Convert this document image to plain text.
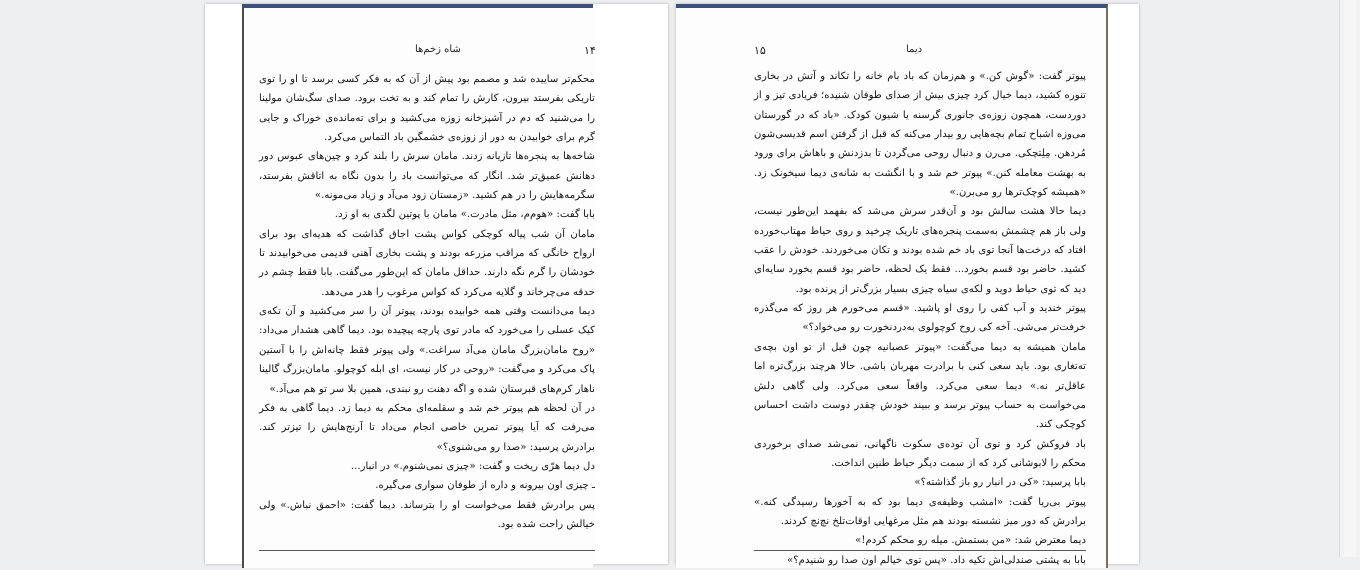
شاه زخم‌ها	۱۴

محکم‌تر ساییده شد و مصمم بود پیش از آن که به فکر کسی برسد تا او را توی تاریکی بفرستد بیرون، کارش را تمام کند و به تخت برود. صدای سگ‌شان مولینا را می‌شنید که دم در آشپزخانه زوزه می‌کشید و برای ته‌مانده‌ی خوراک و جایی گرم برای خوابیدن به دور از زوزه‌ی خشمگین باد التماس می‌کرد.

شاخه‌ها به پنجره‌ها تازیانه زدند. مامان سرش را بلند کرد و چین‌های عبوس دور دهانش عمیق‌تر شد. انگار که می‌توانست باد را بدون نگاه به اتاقش بفرستد، سگرمه‌هایش را در هم کشید. «زمستان زود می‌آد و زیاد می‌مونه.»

بابا گفت: «هوم‌م، مثل مادرت.» مامان با پوتین لگدی به او زد.

مامان آن شب پیاله کوچکی کواس پشت اجاق گذاشت که هدیه‌ای بود برای ارواح خانگی که مراقب مزرعه بودند و پشت بخاری آهنی قدیمی می‌خوابیدند تا خودشان را گرم نگه دارند. حداقل مامان که این‌طور می‌گفت. بابا فقط چشم در حدقه می‌چرخاند و گلایه می‌کرد که کواس مرغوب را هدر می‌دهد.

دیما می‌دانست وقتی همه خوابیده بودند، پیوتر آن را سر می‌کشید و آن تکه‌ی کیک عسلی را می‌خورد که مادر توی پارچه پیچیده بود. دیما گاهی هشدار می‌داد: «روح مامان‌بزرگ مامان می‌آد سراغت.» ولی پیوتر فقط چانه‌اش را با آستین پاک می‌کرد و می‌گفت: «روحی در کار نیست، ای ابله کوچولو. مامان‌بزرگ گالینا ناهار کرم‌های قبرستان شده و اگه دهنت رو نبندی، همین بلا سر تو هم می‌آد.»

در آن لحظه هم پیوتر خم شد و سقلمه‌ای محکم به دیما زد. دیما گاهی به فکر می‌رفت که آیا پیوتر تمرین خاصی انجام می‌داد تا آرنج‌هایش را تیزتر کند. برادرش پرسید: «صدا رو می‌شنوی؟»

دل دیما هرّی ریخت و گفت: «چیزی نمی‌شنوم.» در انبار...

ـ چیزی اون بیرونه و داره از طوفان سواری می‌گیره.

پس برادرش فقط می‌خواست او را بترساند. دیما گفت: «احمق نباش.» ولی خیالش راحت شده بود.

دیما
۱۵

پیوتر گفت: «گوش کن.» و هم‌زمان که باد بام خانه را تکاند و آتش در بخاری تنوره کشید، دیما خیال کرد چیزی بیش از صدای طوفان شنیده؛ فریادی تیز و از دوردست، همچون زوزه‌ی جانوری گرسنه یا شیون کودک. «باد که در گورستان می‌وزه اشباح تمام بچه‌هایی رو بیدار می‌کنه که قبل از گرفتن اسم قدیسی‌شون مُردهن. مِلِتچکی. می‌رن و دنبال روحی می‌گردن تا بدزدنش و باهاش برای ورود به بهشت معامله کنن.» پیوتر خم شد و با انگشت به شانه‌ی دیما سیخونک زد. «همیشه کوچک‌ترها رو می‌برن.»

دیما حالا هشت سالش بود و آن‌قدر سرش می‌شد که بفهمد این‌طور نیست، ولی باز هم چشمش به‌سمت پنجره‌های تاریک چرخید و روی حیاط مهتاب‌خورده افتاد که درخت‌ها آنجا توی باد خم شده بودند و تکان می‌خوردند. خودش را عقب کشید. حاضر بود قسم بخورد... فقط یک لحظه، حاضر بود قسم بخورد سایه‌ای دید که توی حیاط دوید و لکه‌ی سیاه چیزی بسیار بزرگ‌تر از پرنده بود.

پیوتر خندید و آب کفی را روی او پاشید. «قسم می‌خورم هر روز که می‌گذره خرفت‌تر می‌شی. آخه کی روح کوچولوی به‌دردنخورت رو می‌خواد؟»

مامان همیشه به دیما می‌گفت: «پیوتر عصبانیه چون قبل از تو اون بچه‌ی ته‌تغاری بود. باید سعی کنی با برادرت مهربان باشی. حالا هرچند بزرگ‌تره اما عاقل‌تر نه.» دیما سعی می‌کرد. واقعاً سعی می‌کرد. ولی گاهی دلش می‌خواست به حساب پیوتر برسد و ببیند خودش چقدر دوست داشت احساس کوچکی کند.

باد فروکش کرد و توی آن توده‌ی سکوت ناگهانی، نمی‌شد صدای برخوردی محکم را لابوشانی کرد که از سمت دیگر حیاط طنین انداخت.

بابا پرسید: «کی در انبار رو باز گذاشته؟»

پیوتر بی‌ریا گفت: «امشب وظیفه‌ی دیما بود که به آخورها رسیدگی کنه.» برادرش که دور میز نشسته بودند هم مثل مرغهایی اوقات‌تلخ نچ‌نچ کردند.

دیما معترض شد: «من بستمش. میله رو محکم کردم!»

بابا به پشتی صندلی‌اش تکیه داد. «پس توی خیالم اون صدا رو شنیدم؟»
